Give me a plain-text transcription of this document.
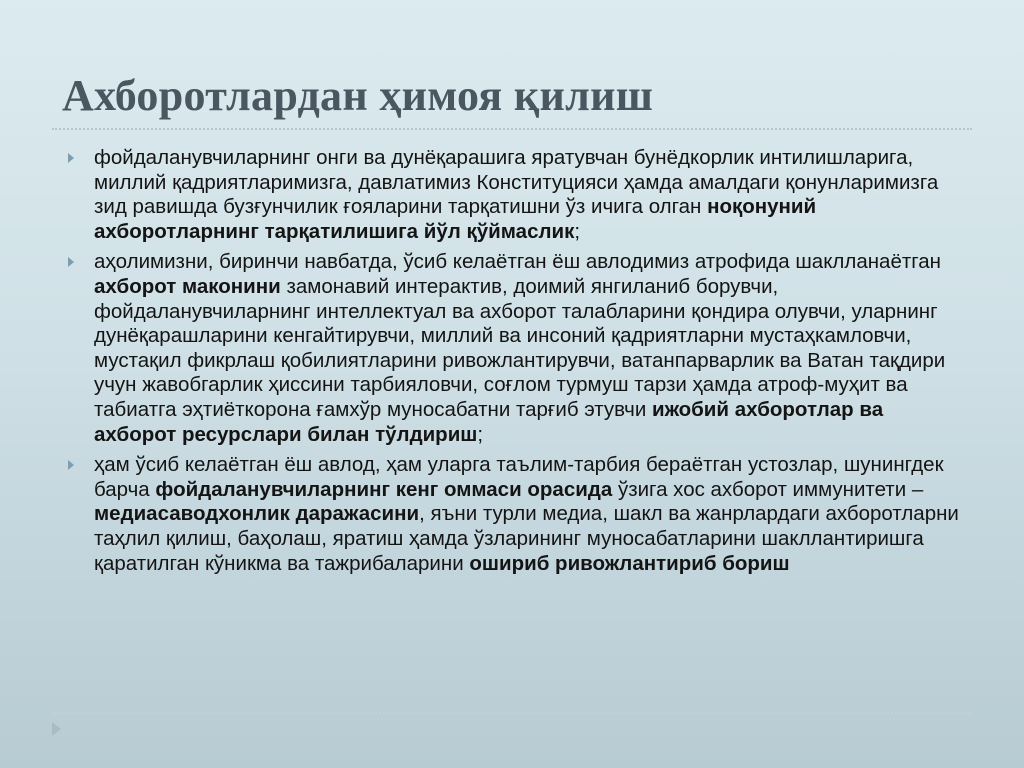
Ахборотлардан ҳимоя қилиш
фойдаланувчиларнинг онги ва дунёқарашига яратувчан бунёдкорлик интилишларига, миллий қадриятларимизга, давлатимиз Конституцияси ҳамда амалдаги қонунларимизга зид равишда бузғунчилик ғояларини тарқатишни ўз ичига олган ноқонуний ахборотларнинг тарқатилишига йўл қўймаслик;
аҳолимизни, биринчи навбатда, ўсиб келаётган ёш авлодимиз атрофида шаклланаётган ахборот маконини замонавий интерактив, доимий янгиланиб борувчи, фойдаланувчиларнинг интеллектуал ва ахборот талабларини қондира олувчи, уларнинг дунёқарашларини кенгайтирувчи, миллий ва инсоний қадриятларни мустаҳкамловчи, мустақил фикрлаш қобилиятларини ривожлантирувчи, ватанпарварлик ва Ватан тақдири учун жавобгарлик ҳиссини тарбияловчи, соғлом турмуш тарзи ҳамда атроф-муҳит ва табиатга эҳтиёткорона ғамхўр муносабатни тарғиб этувчи ижобий ахборотлар ва ахборот ресурслари билан тўлдириш;
ҳам ўсиб келаётган ёш авлод, ҳам уларга таълим-тарбия бераётган устозлар, шунингдек барча фойдаланувчиларнинг кенг оммаси орасида ўзига хос ахборот иммунитети – медиасаводхонлик даражасини, яъни турли медиа, шакл ва жанрлардаги ахборотларни таҳлил қилиш, баҳолаш, яратиш ҳамда ўзларининг муносабатларини шакллантиришга қаратилган кўникма ва тажрибаларини ошириб ривожлантириб бориш
